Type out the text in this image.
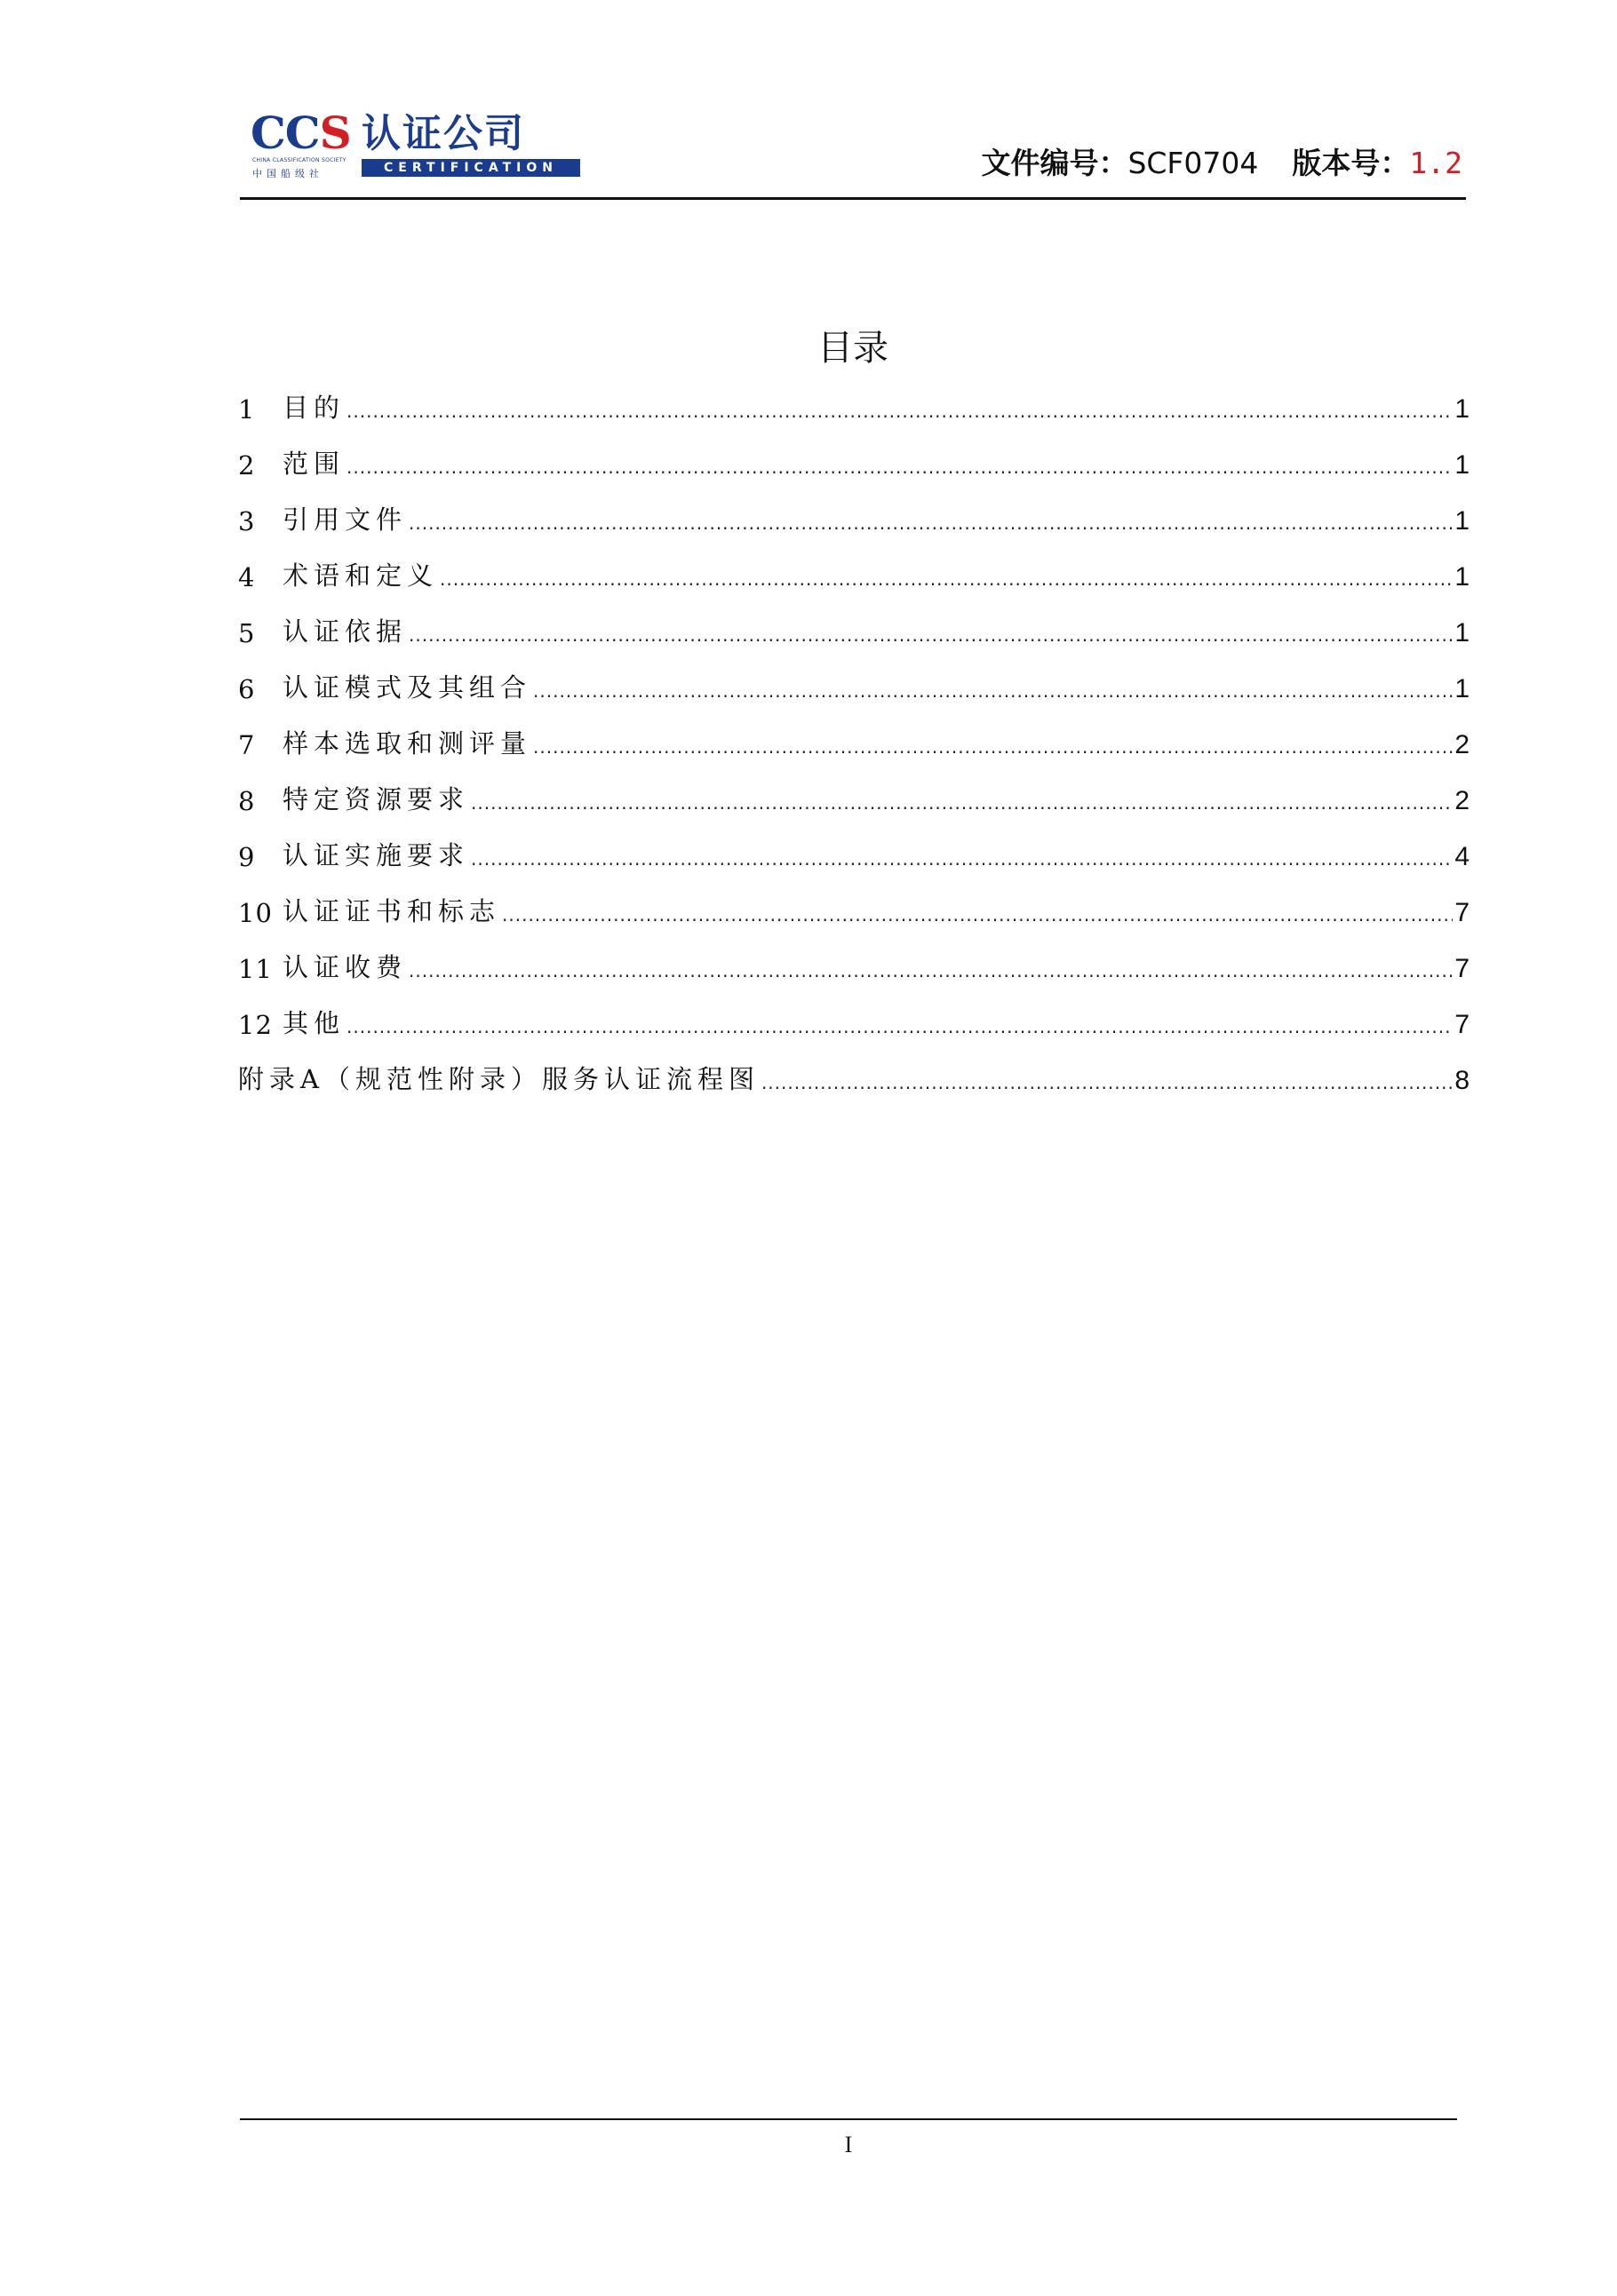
CCS
CHINA CLASSIFICATION SOCIETY
中国船级社
认证公司
CERTIFICATION	文件编号：SCF0704 版本号：1.2
目录
1	目的 .....	1
2	范围 .....	1
3	引用文件 .....	1
4	术语和定义 .....	1
5	认证依据 .....	1
6	认证模式及其组合 .....	1
7	样本选取和测评量 .....	2
8	特定资源要求 .....	2
9	认证实施要求 .....	4
10 认证证书和标志 .....	7
11 认证收费 .....	7
12 其他 .....	7
附录A（规范性附录）服务认证流程图 .....	8
I
